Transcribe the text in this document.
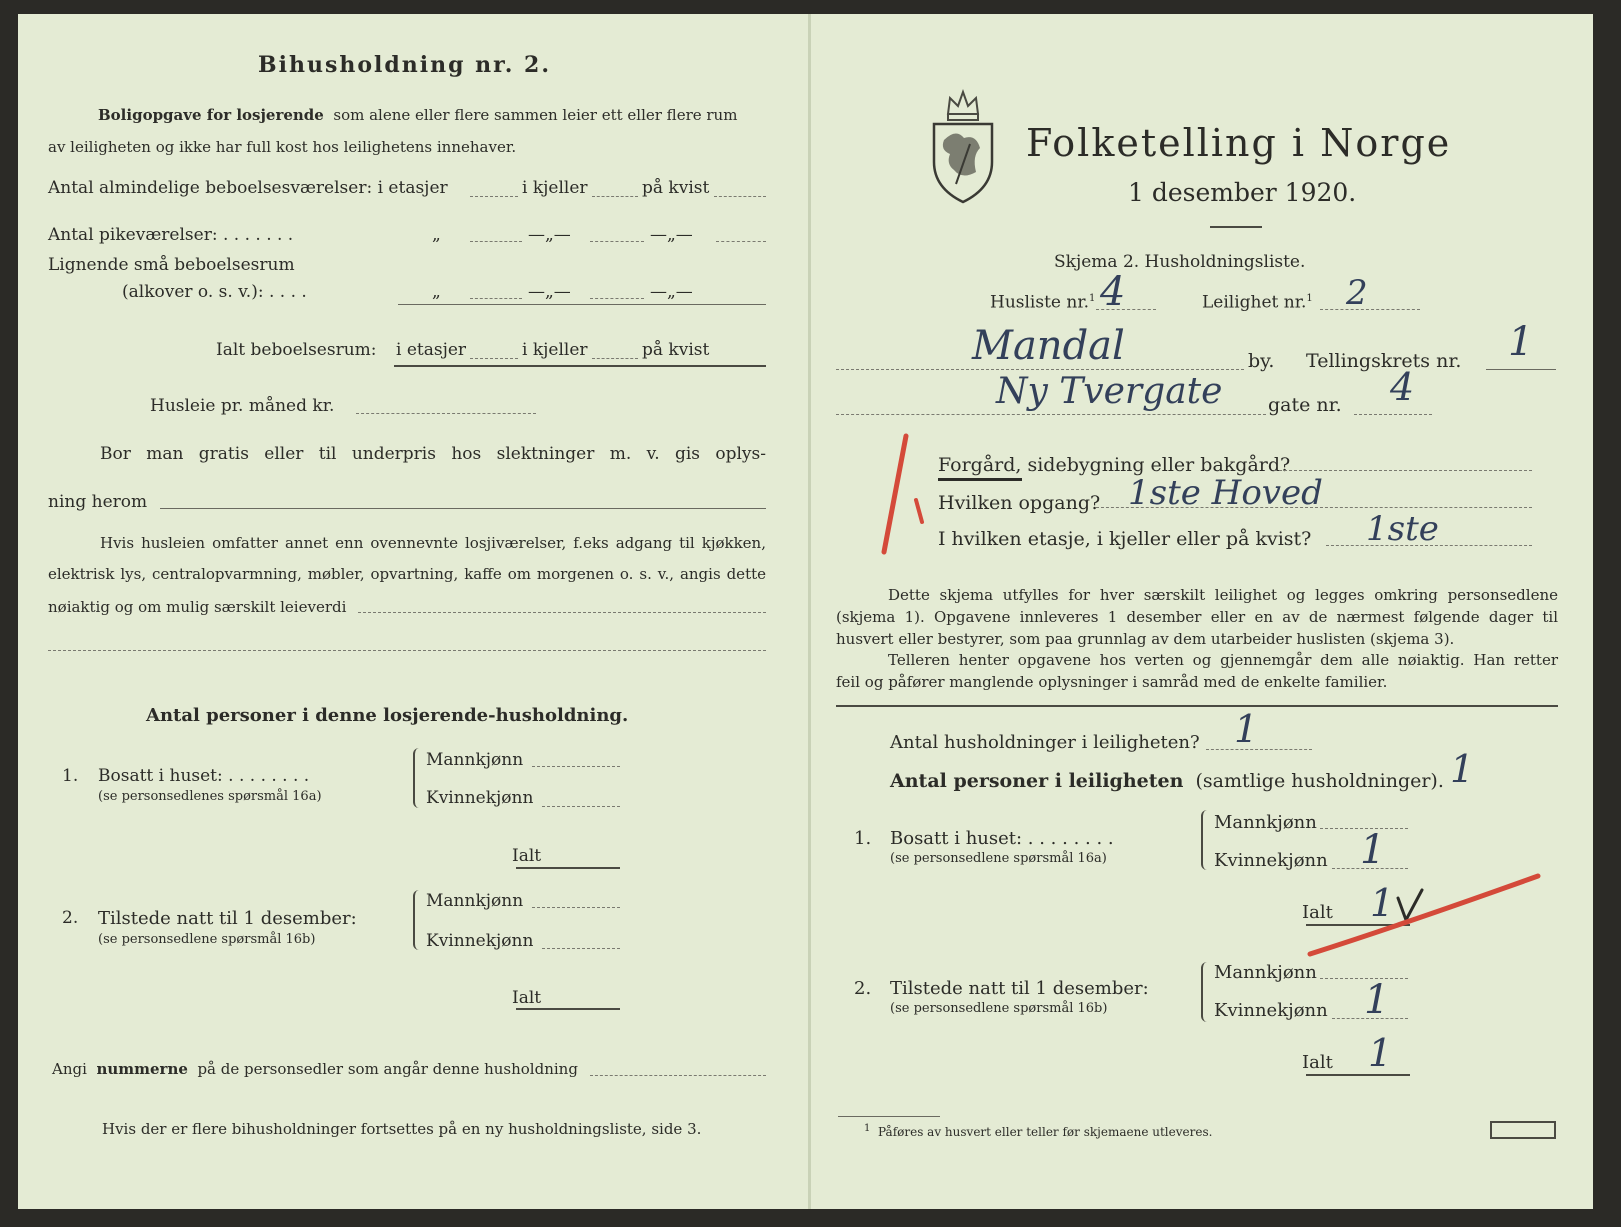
Bihusholdning nr. 2.
Boligopgave for losjerende som alene eller flere sammen leier ett eller flere rum
av leiligheten og ikke har full kost hos leilighetens innehaver.
Antal almindelige beboelsesværelser: i etasjer	i kjeller	på kvist
Antal pikeværelser: . . . . . . .	„	—„—	—„—
Lignende små beboelsesrum
(alkover o. s. v.): . . . .	„	—„—	—„—
Ialt beboelsesrum: i etasjer	i kjeller	på kvist
Husleie pr. måned kr.
Bor man gratis eller til underpris hos slektninger m. v. gis oplys-
ning herom
Hvis husleien omfatter annet enn ovennevnte losjiværelser, f.eks adgang til kjøkken,
elektrisk lys, centralopvarmning, møbler, opvartning, kaffe om morgenen o. s. v., angis dette
nøiaktig og om mulig særskilt leieverdi
Antal personer i denne losjerende-husholdning.
1. Bosatt i huset: . . . . . . . .
(se personsedlenes spørsmål 16a)
Mannkjønn
Kvinnekjønn
Ialt
2. Tilstede natt til 1 desember:
(se personsedlene spørsmål 16b)
Mannkjønn
Kvinnekjønn
Ialt
Angi nummerne på de personsedler som angår denne husholdning
Hvis der er flere bihusholdninger fortsettes på en ny husholdningsliste, side 3.
Folketelling i Norge
1 desember 1920.
Skjema 2. Husholdningsliste.
Husliste nr.$^1$ 4	Leilighet nr.$^1$ 2
Mandal	by. Tellingskrets nr. 1
Ny Tvergate gate nr. 4
Forgård, sidebygning eller bakgård?
Hvilken opgang? 1ste Hoved
I hvilken etasje, i kjeller eller på kvist? 1ste
Dette skjema utfylles for hver særskilt leilighet og legges omkring personsedlene
(skjema 1). Opgavene innleveres 1 desember eller en av de nærmest følgende dager til
husvert eller bestyrer, som paa grunnlag av dem utarbeider huslisten (skjema 3).
Telleren henter opgavene hos verten og gjennemgår dem alle nøiaktig. Han retter
feil og påfører manglende oplysninger i samråd med de enkelte familier.
Antal husholdninger i leiligheten? 1
Antal personer i leiligheten (samtlige husholdninger). 1
1. Bosatt i huset: . . . . . . . .
(se personsedlene spørsmål 16a)
Mannkjønn
Kvinnekjønn 1
Ialt 1
2. Tilstede natt til 1 desember:
(se personsedlene spørsmål 16b)
Mannkjønn
Kvinnekjønn 1
Ialt 1
$^1$ Påføres av husvert eller teller før skjemaene utleveres.
